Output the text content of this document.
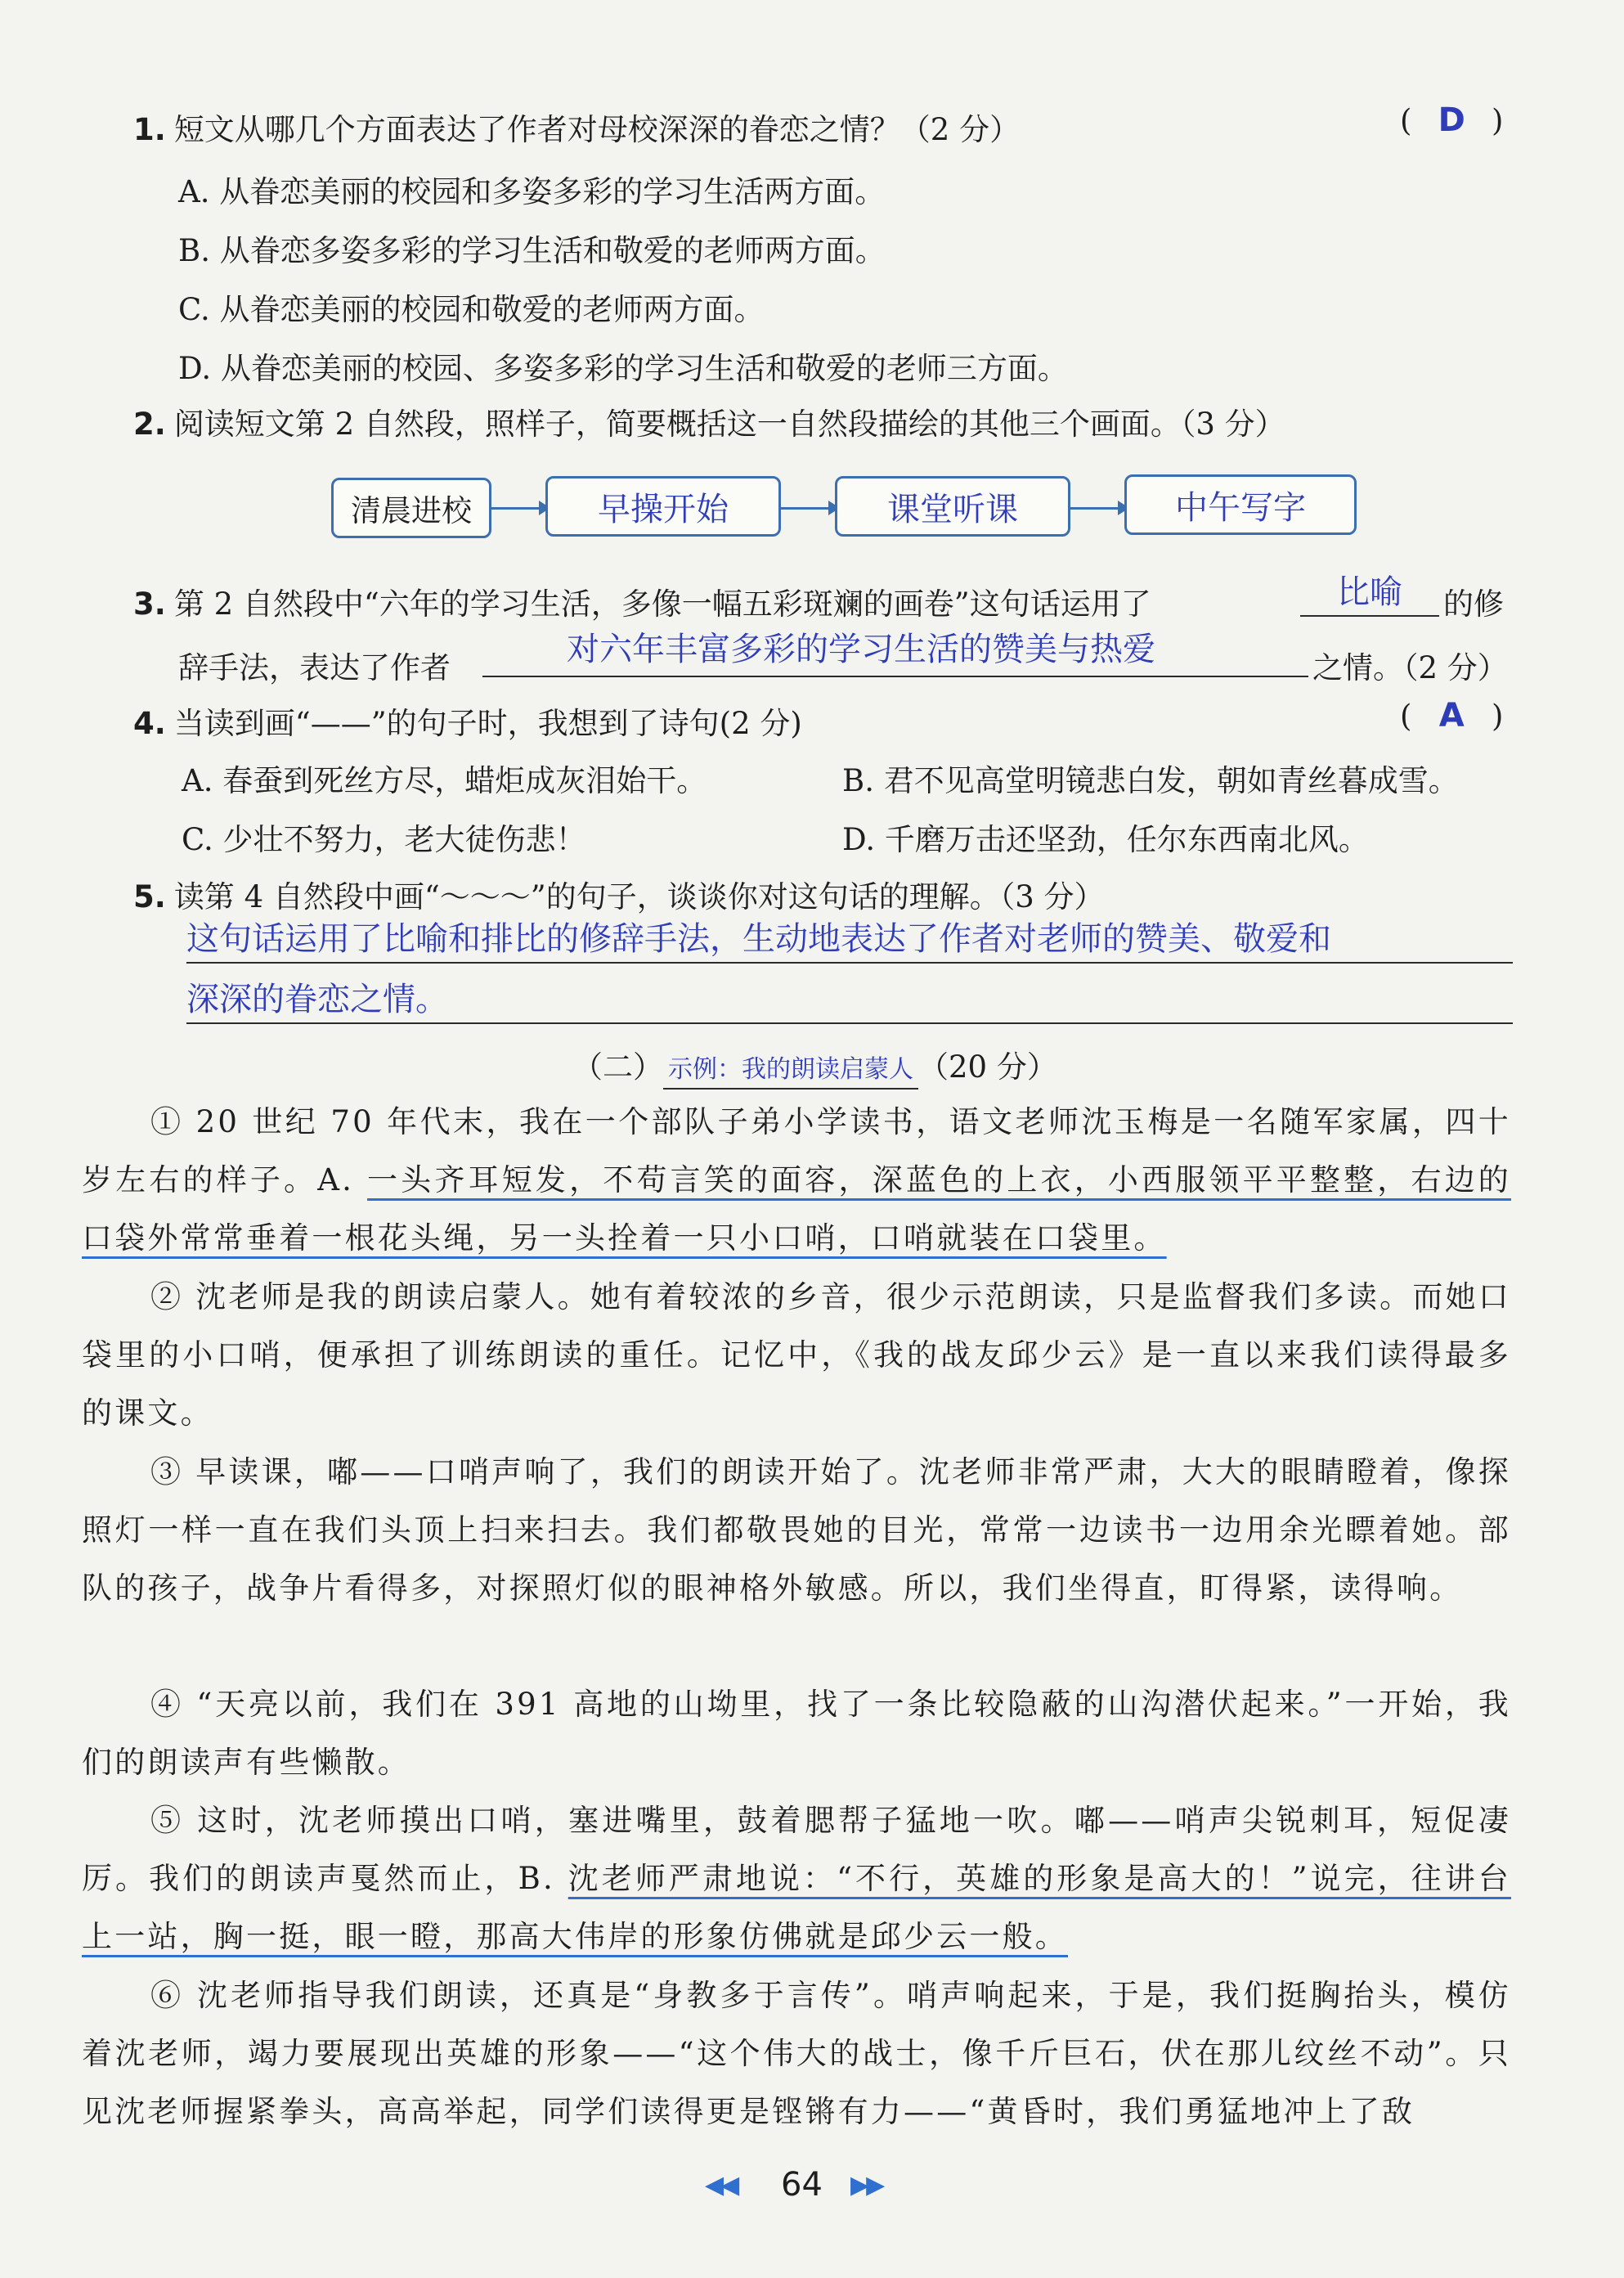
1. 短文从哪几个方面表达了作者对母校深深的眷恋之情？（2 分）	( D )
A. 从眷恋美丽的校园和多姿多彩的学习生活两方面。
B. 从眷恋多姿多彩的学习生活和敬爱的老师两方面。
C. 从眷恋美丽的校园和敬爱的老师两方面。
D. 从眷恋美丽的校园、多姿多彩的学习生活和敬爱的老师三方面。
2. 阅读短文第 2 自然段，照样子，简要概括这一自然段描绘的其他三个画面。（3 分）
清晨进校	早操开始	课堂听课	中午写字
3. 第 2 自然段中“六年的学习生活，多像一幅五彩斑斓的画卷”这句话运用了	比喻 的修
辞手法，表达了作者	对六年丰富多彩的学习生活的赞美与热爱	之情。（2 分）
4. 当读到画“——”的句子时，我想到了诗句(2 分)	( A )
A. 春蚕到死丝方尽，蜡炬成灰泪始干。	B. 君不见高堂明镜悲白发，朝如青丝暮成雪。
C. 少壮不努力，老大徒伤悲！	D. 千磨万击还坚劲，任尔东西南北风。
5. 读第 4 自然段中画“～～～”的句子，谈谈你对这句话的理解。（3 分）
这句话运用了比喻和排比的修辞手法，生动地表达了作者对老师的赞美、敬爱和
深深的眷恋之情。
（二） 示例：我的朗读启蒙人 （20 分）
① 20 世纪 70 年代末，我在一个部队子弟小学读书，语文老师沈玉梅是一名随军家属，四十岁左右的样子。A. 一头齐耳短发，不苟言笑的面容，深蓝色的上衣，小西服领平平整整，右边的口袋外常常垂着一根花头绳，另一头拴着一只小口哨，口哨就装在口袋里。
② 沈老师是我的朗读启蒙人。她有着较浓的乡音，很少示范朗读，只是监督我们多读。而她口袋里的小口哨，便承担了训练朗读的重任。记忆中，《我的战友邱少云》是一直以来我们读得最多的课文。
③ 早读课，嘟——口哨声响了，我们的朗读开始了。沈老师非常严肃，大大的眼睛瞪着，像探照灯一样一直在我们头顶上扫来扫去。我们都敬畏她的目光，常常一边读书一边用余光瞟着她。部队的孩子，战争片看得多，对探照灯似的眼神格外敏感。所以，我们坐得直，盯得紧，读得响。
④ “天亮以前，我们在 391 高地的山坳里，找了一条比较隐蔽的山沟潜伏起来。”一开始，我们的朗读声有些懒散。
⑤ 这时，沈老师摸出口哨，塞进嘴里，鼓着腮帮子猛地一吹。嘟——哨声尖锐刺耳，短促凄厉。我们的朗读声戛然而止，B. 沈老师严肃地说：“不行，英雄的形象是高大的！”说完，往讲台上一站，胸一挺，眼一瞪，那高大伟岸的形象仿佛就是邱少云一般。
⑥ 沈老师指导我们朗读，还真是“身教多于言传”。哨声响起来，于是，我们挺胸抬头，模仿着沈老师，竭力要展现出英雄的形象——“这个伟大的战士，像千斤巨石，伏在那儿纹丝不动”。只见沈老师握紧拳头，高高举起，同学们读得更是铿锵有力——“黄昏时，我们勇猛地冲上了敌
◀◀ 64 ▶▶
